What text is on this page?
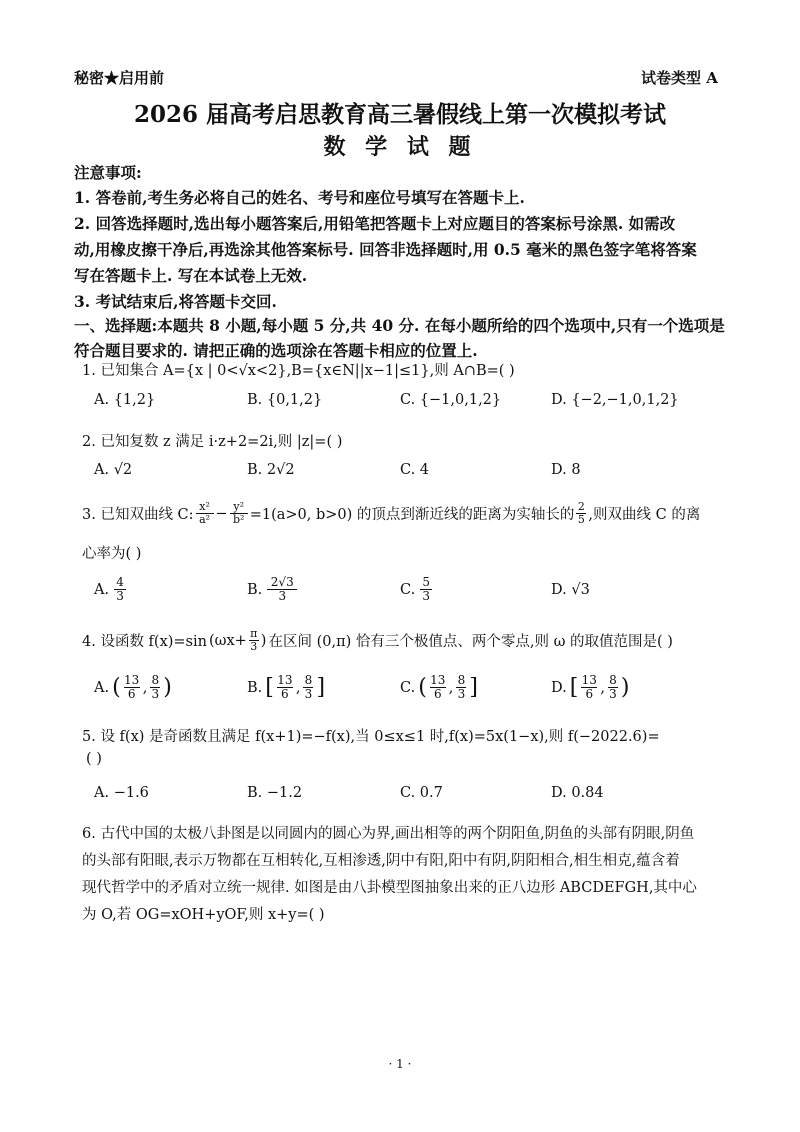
秘密★启用前	试卷类型 A
2026 届高考启思教育高三暑假线上第一次模拟考试
数 学 试 题
注意事项:
1. 答卷前,考生务必将自己的姓名、考号和座位号填写在答题卡上.
2. 回答选择题时,选出每小题答案后,用铅笔把答题卡上对应题目的答案标号涂黑. 如需改
动,用橡皮擦干净后,再选涂其他答案标号. 回答非选择题时,用 0.5 毫米的黑色签字笔将答案
写在答题卡上. 写在本试卷上无效.
3. 考试结束后,将答题卡交回.
一、选择题:本题共 8 小题,每小题 5 分,共 40 分. 在每小题所给的四个选项中,只有一个选项是
符合题目要求的. 请把正确的选项涂在答题卡相应的位置上.
1. 已知集合 A={x | 0<√x<2},B={x∈N||x−1|≤1},则 A∩B=( )
A. {1,2}	B. {0,1,2}	C. {−1,0,1,2}	D. {−2,−1,0,1,2}
2. 已知复数 z 满足 i·z+2=2i,则 |z|=( )
A. √2	B. 2√2	C. 4	D. 8
3. 已知双曲线 C: $\frac{\text{x²}}{\text{a²}} - \frac{\text{y²}}{\text{b²}} =1(a>0$, b>0) 的顶点到渐近线的距离为实轴长的 $\frac{2}{5}$ ,则双曲线 C 的离
心率为( )
A. 4
3	B. 2√3
3	C. 5
3	D. √3
4. 设函数 f(x)=sin (ωx+ π
3 ) 在区间 (0,π) 恰有三个极值点、两个零点,则 ω 的取值范围是( )
A. ( 13
6 , 8
3 )	B. [ 13
6 , 8
3 ]	C. ( 13
6 , 8
3 ]	D. [ 13
6 , 8
3 )
5. 设 f(x) 是奇函数且满足 f(x+1)=−f(x),当 0≤x≤1 时,f(x)=5x(1−x),则 f(−2022.6)=
( )
A. −1.6	B. −1.2	C. 0.7	D. 0.84
6. 古代中国的太极八卦图是以同圆内的圆心为界,画出相等的两个阴阳鱼,阴鱼的头部有阴眼,阴鱼
的头部有阳眼,表示万物都在互相转化,互相渗透,阴中有阳,阳中有阴,阴阳相合,相生相克,蕴含着
现代哲学中的矛盾对立统一规律. 如图是由八卦模型图抽象出来的正八边形 ABCDEFGH,其中心
为 O,若 OG=xOH+yOF,则 x+y=( )
· 1 ·
